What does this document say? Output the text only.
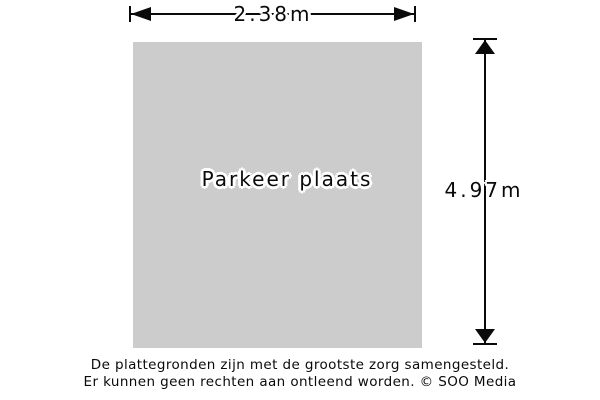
Parkeer plaats
2.38m
4.97m
De plattegronden zijn met de grootste zorg samengesteld.
Er kunnen geen rechten aan ontleend worden. © SOO Media
